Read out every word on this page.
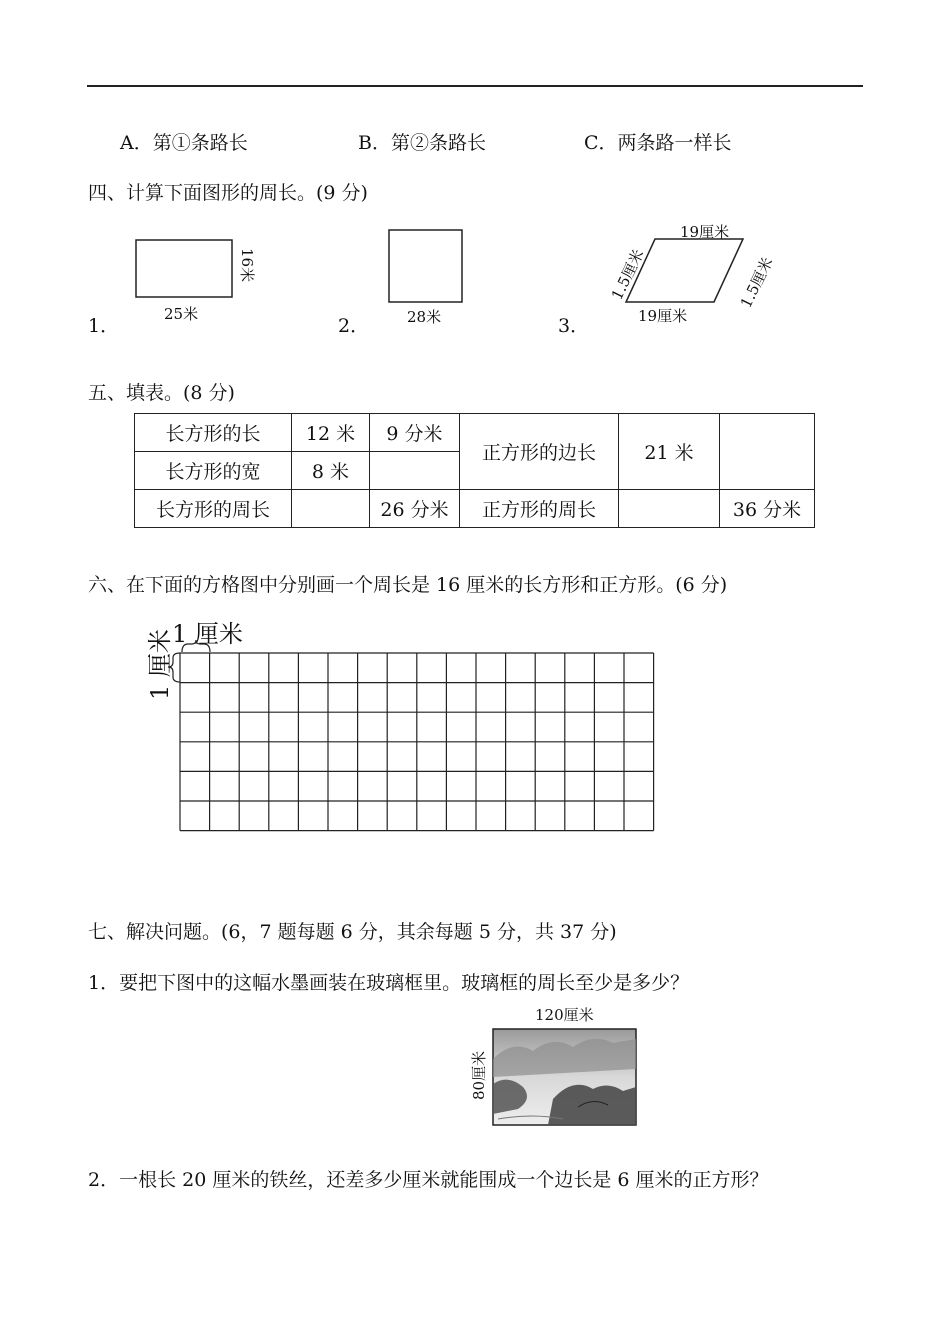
A．第①条路长	B．第②条路长	C．两条路一样长
四、计算下面图形的周长。(9 分)
1．
16米
25米
2．	28米	3．
19厘米
19厘米
1.5厘米	1.5厘米
五、填表。(8 分)
长方形的长	12 米	9 分米	正方形的边长	21 米	
长方形的宽	8 米				
长方形的周长		26 分米	正方形的周长		36 分米
六、在下面的方格图中分别画一个周长是 16 厘米的长方形和正方形。(6 分)
1 厘米
1 厘米
七、解决问题。(6，7 题每题 6 分，其余每题 5 分，共 37 分)
1．要把下图中的这幅水墨画装在玻璃框里。玻璃框的周长至少是多少？
120厘米
80厘米
2．一根长 20 厘米的铁丝，还差多少厘米就能围成一个边长是 6 厘米的正方形？
